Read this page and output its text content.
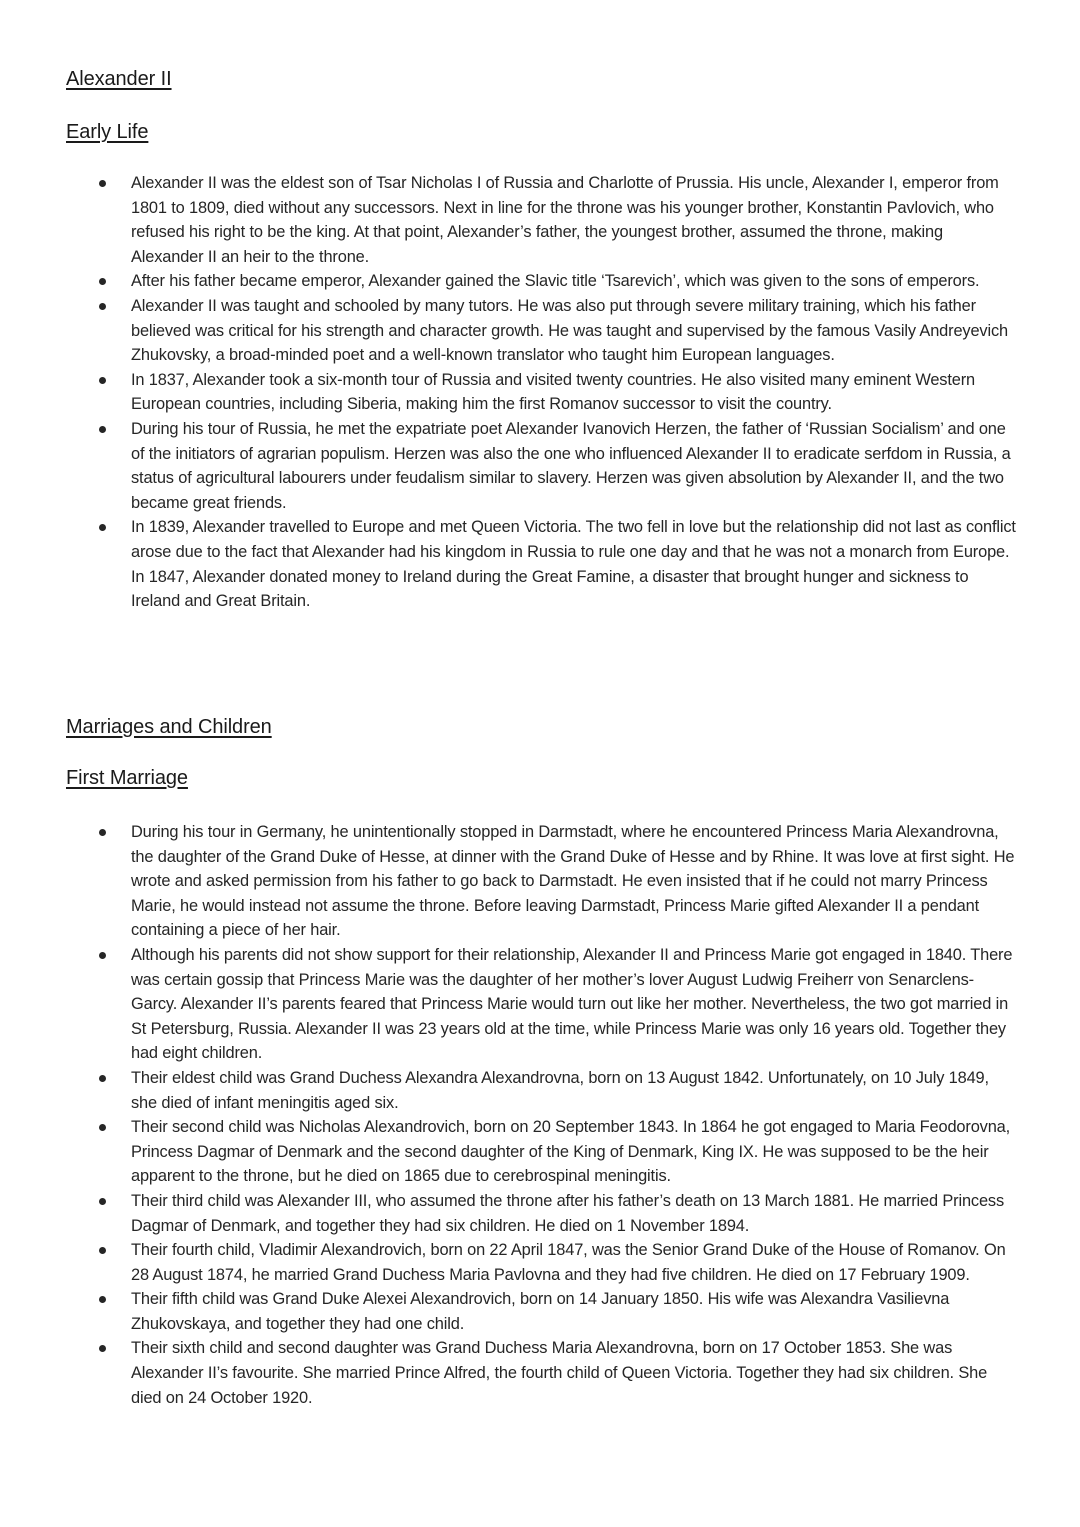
Alexander II
Early Life
Alexander II was the eldest son of Tsar Nicholas I of Russia and Charlotte of Prussia. His uncle, Alexander I, emperor from 1801 to 1809, died without any successors. Next in line for the throne was his younger brother, Konstantin Pavlovich, who refused his right to be the king. At that point, Alexander’s father, the youngest brother, assumed the throne, making Alexander II an heir to the throne.
After his father became emperor, Alexander gained the Slavic title ‘Tsarevich’, which was given to the sons of emperors.
Alexander II was taught and schooled by many tutors. He was also put through severe military training, which his father believed was critical for his strength and character growth. He was taught and supervised by the famous Vasily Andreyevich Zhukovsky, a broad-minded poet and a well-known translator who taught him European languages.
In 1837, Alexander took a six-month tour of Russia and visited twenty countries. He also visited many eminent Western European countries, including Siberia, making him the first Romanov successor to visit the country.
During his tour of Russia, he met the expatriate poet Alexander Ivanovich Herzen, the father of ‘Russian Socialism’ and one of the initiators of agrarian populism. Herzen was also the one who influenced Alexander II to eradicate serfdom in Russia, a status of agricultural labourers under feudalism similar to slavery. Herzen was given absolution by Alexander II, and the two became great friends.
In 1839, Alexander travelled to Europe and met Queen Victoria. The two fell in love but the relationship did not last as conflict arose due to the fact that Alexander had his kingdom in Russia to rule one day and that he was not a monarch from Europe. In 1847, Alexander donated money to Ireland during the Great Famine, a disaster that brought hunger and sickness to Ireland and Great Britain.
Marriages and Children
First Marriage
During his tour in Germany, he unintentionally stopped in Darmstadt, where he encountered Princess Maria Alexandrovna, the daughter of the Grand Duke of Hesse, at dinner with the Grand Duke of Hesse and by Rhine. It was love at first sight. He wrote and asked permission from his father to go back to Darmstadt. He even insisted that if he could not marry Princess Marie, he would instead not assume the throne. Before leaving Darmstadt, Princess Marie gifted Alexander II a pendant containing a piece of her hair.
Although his parents did not show support for their relationship, Alexander II and Princess Marie got engaged in 1840. There was certain gossip that Princess Marie was the daughter of her mother’s lover August Ludwig Freiherr von Senarclens-Garcy. Alexander II’s parents feared that Princess Marie would turn out like her mother. Nevertheless, the two got married in St Petersburg, Russia. Alexander II was 23 years old at the time, while Princess Marie was only 16 years old. Together they had eight children.
Their eldest child was Grand Duchess Alexandra Alexandrovna, born on 13 August 1842. Unfortunately, on 10 July 1849, she died of infant meningitis aged six.
Their second child was Nicholas Alexandrovich, born on 20 September 1843. In 1864 he got engaged to Maria Feodorovna, Princess Dagmar of Denmark and the second daughter of the King of Denmark, King IX. He was supposed to be the heir apparent to the throne, but he died on 1865 due to cerebrospinal meningitis.
Their third child was Alexander III, who assumed the throne after his father’s death on 13 March 1881. He married Princess Dagmar of Denmark, and together they had six children. He died on 1 November 1894.
Their fourth child, Vladimir Alexandrovich, born on 22 April 1847, was the Senior Grand Duke of the House of Romanov. On 28 August 1874, he married Grand Duchess Maria Pavlovna and they had five children. He died on 17 February 1909.
Their fifth child was Grand Duke Alexei Alexandrovich, born on 14 January 1850. His wife was Alexandra Vasilievna Zhukovskaya, and together they had one child.
Their sixth child and second daughter was Grand Duchess Maria Alexandrovna, born on 17 October 1853. She was Alexander II’s favourite. She married Prince Alfred, the fourth child of Queen Victoria. Together they had six children. She died on 24 October 1920.
